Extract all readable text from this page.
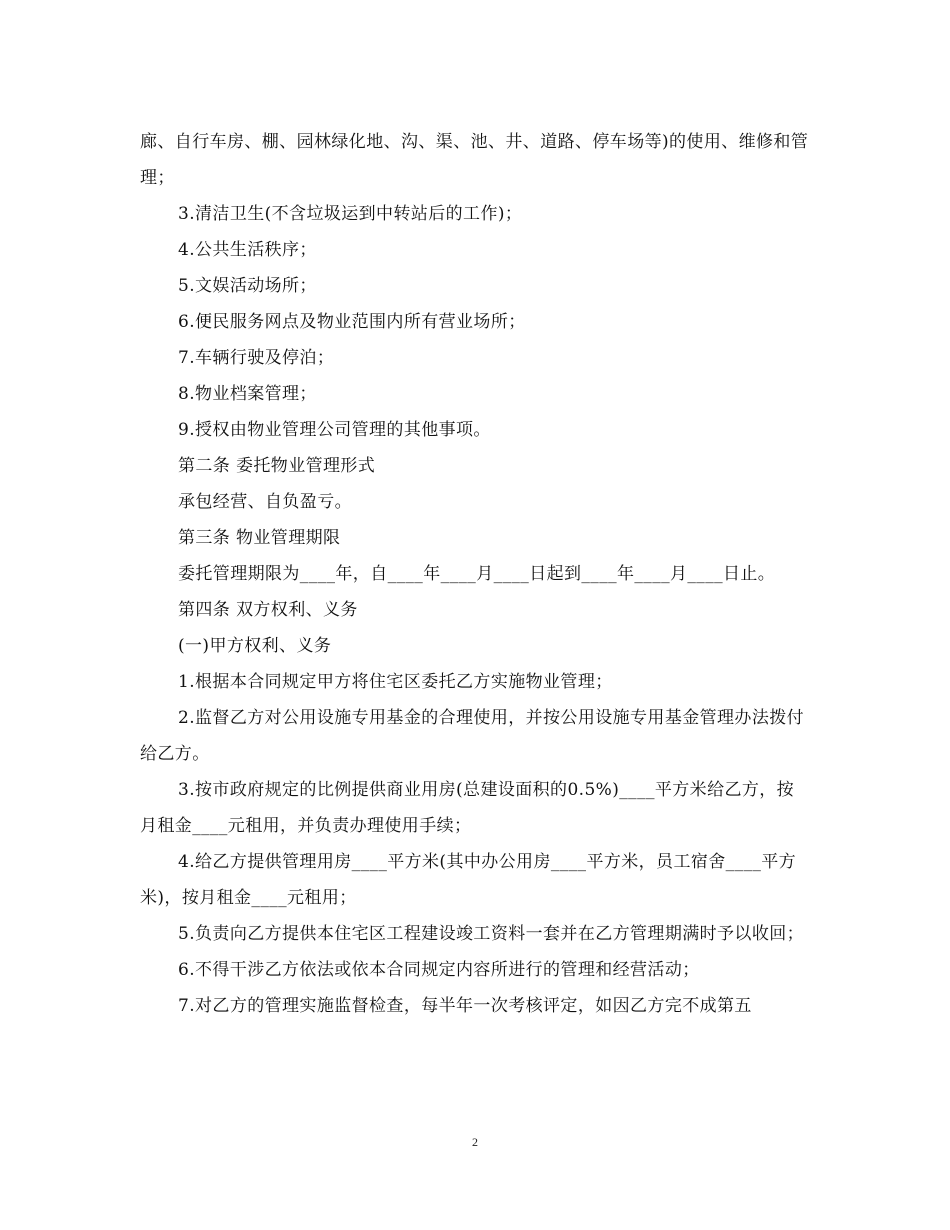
廊、自行车房、棚、园林绿化地、沟、渠、池、井、道路、停车场等)的使用、维修和管理；

3.清洁卫生(不含垃圾运到中转站后的工作)；

4.公共生活秩序；

5.文娱活动场所；

6.便民服务网点及物业范围内所有营业场所；

7.车辆行驶及停泊；

8.物业档案管理；

9.授权由物业管理公司管理的其他事项。

第二条 委托物业管理形式

承包经营、自负盈亏。

第三条 物业管理期限

委托管理期限为____年，自____年____月____日起到____年____月____日止。

第四条 双方权利、义务

(一)甲方权利、义务

1.根据本合同规定甲方将住宅区委托乙方实施物业管理；

2.监督乙方对公用设施专用基金的合理使用，并按公用设施专用基金管理办法拨付给乙方。

3.按市政府规定的比例提供商业用房(总建设面积的0.5%)____平方米给乙方，按月租金____元租用，并负责办理使用手续；

4.给乙方提供管理用房____平方米(其中办公用房____平方米，员工宿舍____平方米)，按月租金____元租用；

5.负责向乙方提供本住宅区工程建设竣工资料一套并在乙方管理期满时予以收回；

6.不得干涉乙方依法或依本合同规定内容所进行的管理和经营活动；

7.对乙方的管理实施监督检查，每半年一次考核评定，如因乙方完不成第五

2
